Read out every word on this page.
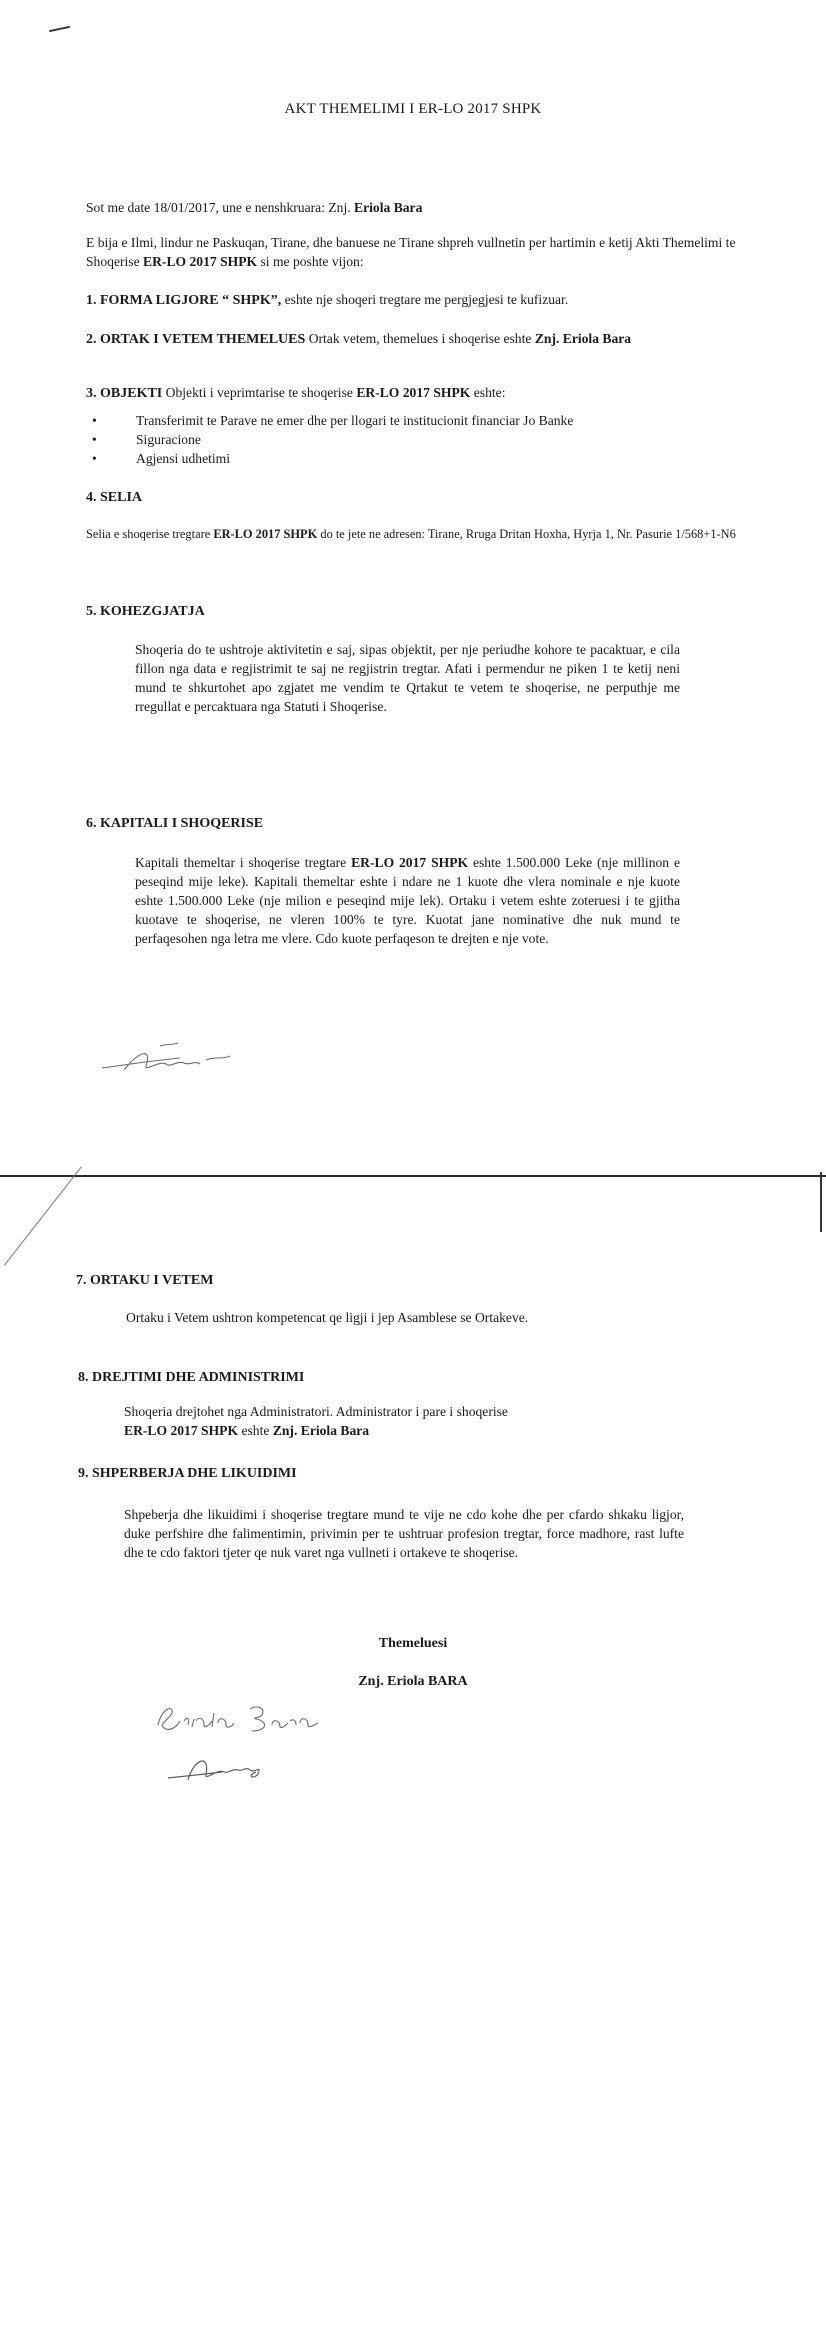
AKT THEMELIMI I ER-LO 2017 SHPK

Sot me date 18/01/2017, une e nenshkruara: Znj. Eriola Bara

E bija e Ilmi, lindur ne Paskuqan, Tirane, dhe banuese ne Tirane shpreh vullnetin per hartimin e ketij Akti Themelimi te Shoqerise ER-LO 2017 SHPK si me poshte vijon:

1. FORMA LIGJORE “ SHPK”, eshte nje shoqeri tregtare me pergjegjesi te kufizuar.

2. ORTAK I VETEM THEMELUES Ortak vetem, themelues i shoqerise eshte Znj. Eriola Bara

3. OBJEKTI Objekti i veprimtarise te shoqerise ER-LO 2017 SHPK eshte:

• Transferimit te Parave ne emer dhe per llogari te institucionit financiar Jo Banke
• Siguracione
• Agjensi udhetimi
4. SELIA

Selia e shoqerise tregtare ER-LO 2017 SHPK do te jete ne adresen: Tirane, Rruga Dritan Hoxha, Hyrja 1, Nr. Pasurie 1/568+1-N6

5. KOHEZGJATJA

Shoqeria do te ushtroje aktivitetin e saj, sipas objektit, per nje periudhe kohore te pacaktuar, e cila fillon nga data e regjistrimit te saj ne regjistrin tregtar. Afati i permendur ne piken 1 te ketij neni mund te shkurtohet apo zgjatet me vendim te Qrtakut te vetem te shoqerise, ne perputhje me rregullat e percaktuara nga Statuti i Shoqerise.

6. KAPITALI I SHOQERISE

Kapitali themeltar i shoqerise tregtare ER-LO 2017 SHPK eshte 1.500.000 Leke (nje millinon e peseqind mije leke). Kapitali themeltar eshte i ndare ne 1 kuote dhe vlera nominale e nje kuote eshte 1.500.000 Leke (nje milion e peseqind mije lek). Ortaku i vetem eshte zoteruesi i te gjitha kuotave te shoqerise, ne vleren 100% te tyre. Kuotat jane nominative dhe nuk mund te perfaqesohen nga letra me vlere. Cdo kuote perfaqeson te drejten e nje vote.

7. ORTAKU I VETEM

Ortaku i Vetem ushtron kompetencat qe ligji i jep Asamblese se Ortakeve.

8. DREJTIMI DHE ADMINISTRIMI

Shoqeria drejtohet nga Administratori. Administrator i pare i shoqerise
ER-LO 2017 SHPK eshte Znj. Eriola Bara

9. SHPERBERJA DHE LIKUIDIMI

Shpeberja dhe likuidimi i shoqerise tregtare mund te vije ne cdo kohe dhe per cfardo shkaku ligjor, duke perfshire dhe falimentimin, privimin per te ushtruar profesion tregtar, force madhore, rast lufte dhe te cdo faktori tjeter qe nuk varet nga vullneti i ortakeve te shoqerise.

Themeluesi
Znj. Eriola BARA
